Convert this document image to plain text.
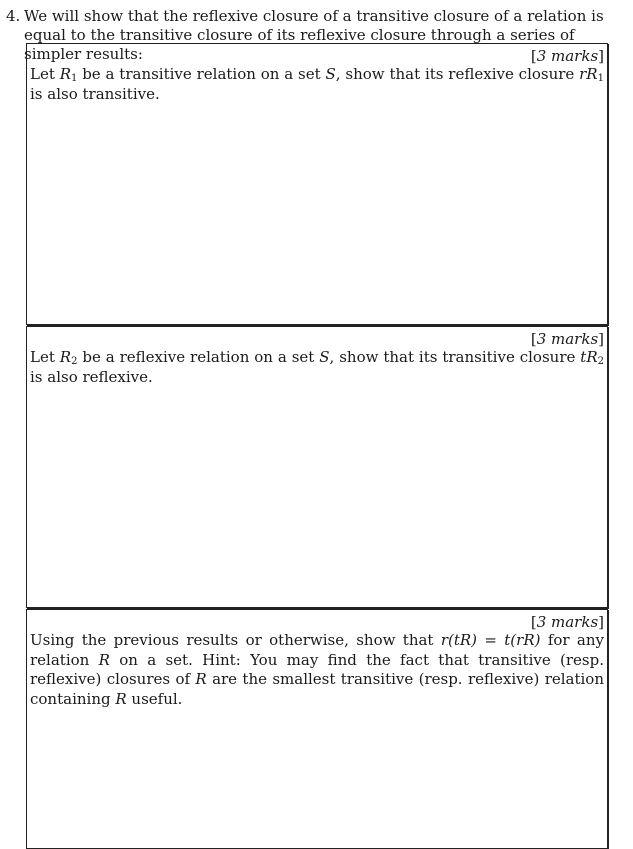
4. We will show that the reflexive closure of a transitive closure of a relation is equal to the transitive closure of its reflexive closure through a series of simpler results:	[3 marks]
Let $R_1$ be a transitive relation on a set S, show that its reflexive closure $rR_1$ is also transitive.
[3 marks]
Let $R_2$ be a reflexive relation on a set S, show that its transitive closure $tR_2$ is also reflexive.
[3 marks]
Using the previous results or otherwise, show that r(tR) = t(rR) for any relation R on a set. Hint: You may find the fact that transitive (resp. reflexive) closures of R are the smallest transitive (resp. reflexive) relation containing R useful.
